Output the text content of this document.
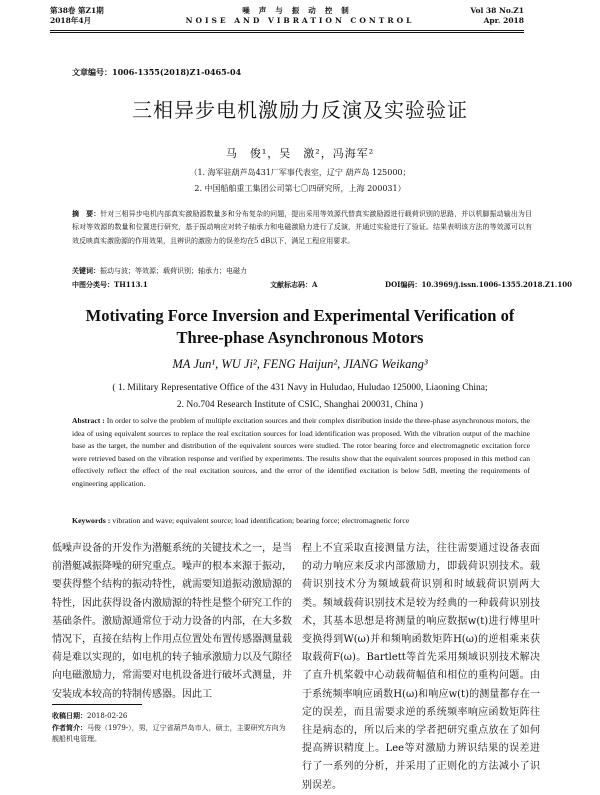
第38卷 第Z1期
2018年4月
噪声与振动控制
NOISE AND VIBRATION CONTROL
Vol 38 No.Z1
Apr. 2018
文章编号：1006-1355(2018)Z1-0465-04
三相异步电机激励力反演及实验验证
马　俊¹，吴　激²，冯海军²
（1. 海军驻葫芦岛431厂军事代表室，辽宁 葫芦岛 125000；
2. 中国船舶重工集团公司第七〇四研究所，上海 200031）
摘　要：针对三相异步电机内部真实激励源数量多和分布复杂的问题，提出采用等效源代替真实激励源进行载荷识别的思路，并以机脚振动输出为目标对等效源的数量和位置进行研究，基于振动响应对转子轴承力和电磁激励力进行了反演，并通过实验进行了验证。结果表明该方法的等效源可以有效反映真实激励源的作用效果，且辨识的激励力的误差均在5 dB以下，满足工程应用要求。
关键词：振动与波；等效源；载荷识别；轴承力；电磁力
中图分类号：TH113.1	文献标志码：A	DOI编码：10.3969/j.issn.1006-1355.2018.Z1.100
Motivating Force Inversion and Experimental Verification of
Three-phase Asynchronous Motors
MA Jun¹, WU Ji², FENG Haijun², JIANG Weikang³
( 1. Military Representative Office of the 431 Navy in Huludao, Huludao 125000, Liaoning China;
2. No.704 Research Institute of CSIC, Shanghai 200031, China )
Abstract : In order to solve the problem of multiple excitation sources and their complex distribution inside the three-phase asynchronous motors, the idea of using equivalent sources to replace the real excitation sources for load identification was proposed. With the vibration output of the machine base as the target, the number and distribution of the equivalent sources were studied. The rotor bearing force and electromagnetic excitation force were retrieved based on the vibration response and verified by experiments. The results show that the equivalent sources proposed in this method can effectively reflect the effect of the real excitation sources, and the error of the identified excitation is below 5dB, meeting the requirements of engineering application.
Keywords : vibration and wave; equivalent source; load identification; bearing force; electromagnetic force
低噪声设备的开发作为潜艇系统的关键技术之一，是当前潜艇减振降噪的研究重点。噪声的根本来源于振动，要获得整个结构的振动特性，就需要知道振动激励源的特性，因此获得设备内激励源的特性是整个研究工作的基础条件。激励源通常位于动力设备的内部，在大多数情况下，直接在结构上作用点位置处布置传感器测量载荷是难以实现的，如电机的转子轴承激励力以及气隙径向电磁激励力，常需要对电机设备进行破坏式测量，并安装成本较高的特制传感器。因此工
程上不宜采取直接测量方法，往往需要通过设备表面的动力响应来反求内部激励力，即载荷识别技术。载荷识别技术分为频域载荷识别和时域载荷识别两大类。频域载荷识别技术是较为经典的一种载荷识别技术，其基本思想是将测量的响应数据w(t)进行傅里叶变换得到W(ω)并和频响函数矩阵H(ω)的逆相乘来获取载荷F(ω)。Bartlett等首先采用频域识别技术解决了直升机桨毂中心动载荷幅值和相位的重构问题。由于系统频率响应函数H(ω)和响应w(t)的测量都存在一定的误差，而且需要求逆的系统频率响应函数矩阵往往是病态的，所以后来的学者把研究重点放在了如何提高辨识精度上。Lee等对激励力辨识结果的误差进行了一系列的分析，并采用了正则化的方法减小了识别误差。
收稿日期：2018-02-26
作者简介：马俊（1979-），男，辽宁省葫芦岛市人，硕士，主要研究方向为舰船机电管理。
